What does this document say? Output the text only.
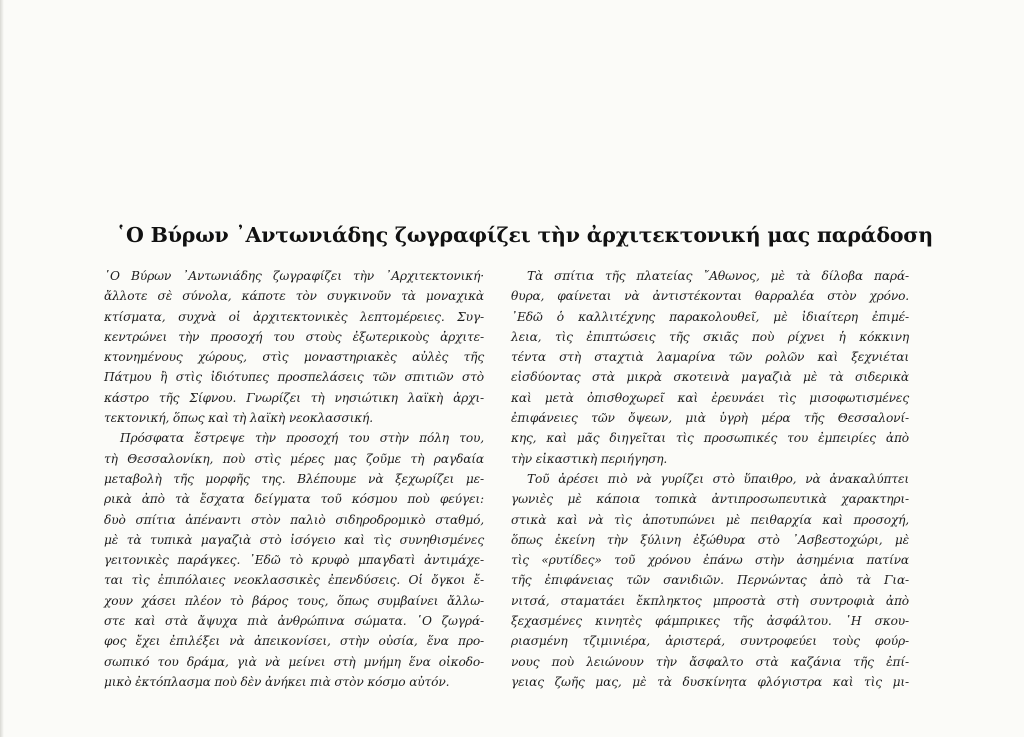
῾Ο Βύρων ᾿Αντωνιάδης ζωγραφίζει τὴν ἀρχιτεκτονική μας παράδοση
῾Ο Βύρων ᾿Αντωνιάδης ζωγραφίζει τὴν ᾿Αρχιτεκτονική·
ἄλλοτε σὲ σύνολα, κάποτε τὸν συγκινοῦν τὰ μοναχικὰ
κτίσματα, συχνὰ οἱ ἀρχιτεκτονικὲς λεπτομέρειες. Συγ-
κεντρώνει τὴν προσοχή του στοὺς ἐξωτερικοὺς ἀρχιτε-
κτονημένους χώρους, στὶς μοναστηριακὲς αὐλὲς τῆς
Πάτμου ἢ στὶς ἰδιότυπες προσπελάσεις τῶν σπιτιῶν στὸ
κάστρο τῆς Σίφνου. Γνωρίζει τὴ νησιώτικη λαϊκὴ ἀρχι-
τεκτονική, ὅπως καὶ τὴ λαϊκὴ νεοκλασσική.
Πρόσφατα ἔστρεψε τὴν προσοχή του στὴν πόλη του,
τὴ Θεσσαλονίκη, ποὺ στὶς μέρες μας ζοῦμε τὴ ραγδαία
μεταβολὴ τῆς μορφῆς της. Βλέπουμε νὰ ξεχωρίζει με-
ρικὰ ἀπὸ τὰ ἔσχατα δείγματα τοῦ κόσμου ποὺ φεύγει:
δυὸ σπίτια ἀπέναντι στὸν παλιὸ σιδηροδρομικὸ σταθμό,
μὲ τὰ τυπικὰ μαγαζιὰ στὸ ἰσόγειο καὶ τὶς συνηθισμένες
γειτονικὲς παράγκες. ᾿Εδῶ τὸ κρυφὸ μπαγδατὶ ἀντιμάχε-
ται τὶς ἐπιπόλαιες νεοκλασσικὲς ἐπενδύσεις. Οἱ ὄγκοι ἔ-
χουν χάσει πλέον τὸ βάρος τους, ὅπως συμβαίνει ἄλλω-
στε καὶ στὰ ἄψυχα πιὰ ἀνθρώπινα σώματα. ῾Ο ζωγρά-
φος ἔχει ἐπιλέξει νὰ ἀπεικονίσει, στὴν οὐσία, ἕνα προ-
σωπικό του δράμα, γιὰ νὰ μείνει στὴ μνήμη ἕνα οἰκοδο-
μικὸ ἐκτόπλασμα ποὺ δὲν ἀνήκει πιὰ στὸν κόσμο αὐτόν.
Τὰ σπίτια τῆς πλατείας ῎Αθωνος, μὲ τὰ δίλοβα παρά-
θυρα, φαίνεται νὰ ἀντιστέκονται θαρραλέα στὸν χρόνο.
᾿Εδῶ ὁ καλλιτέχνης παρακολουθεῖ, μὲ ἰδιαίτερη ἐπιμέ-
λεια, τὶς ἐπιπτώσεις τῆς σκιᾶς ποὺ ρίχνει ἡ κόκκινη
τέντα στὴ σταχτιὰ λαμαρίνα τῶν ρολῶν καὶ ξεχνιέται
εἰσδύοντας στὰ μικρὰ σκοτεινὰ μαγαζιὰ μὲ τὰ σιδερικὰ
καὶ μετὰ ὀπισθοχωρεῖ καὶ ἐρευνάει τὶς μισοφωτισμένες
ἐπιφάνειες τῶν ὄψεων, μιὰ ὑγρὴ μέρα τῆς Θεσσαλονί-
κης, καὶ μᾶς διηγεῖται τὶς προσωπικές του ἐμπειρίες ἀπὸ
τὴν εἰκαστικὴ περιήγηση.
Τοῦ ἀρέσει πιὸ νὰ γυρίζει στὸ ὕπαιθρο, νὰ ἀνακαλύπτει
γωνιὲς μὲ κάποια τοπικὰ ἀντιπροσωπευτικὰ χαρακτηρι-
στικὰ καὶ νὰ τὶς ἀποτυπώνει μὲ πειθαρχία καὶ προσοχή,
ὅπως ἐκείνη τὴν ξύλινη ἐξώθυρα στὸ ᾿Ασβεστοχώρι, μὲ
τὶς «ρυτίδες» τοῦ χρόνου ἐπάνω στὴν ἀσημένια πατίνα
τῆς ἐπιφάνειας τῶν σανιδιῶν. Περνώντας ἀπὸ τὰ Για-
νιτσά, σταματάει ἔκπληκτος μπροστὰ στὴ συντροφιὰ ἀπὸ
ξεχασμένες κινητὲς φάμπρικες τῆς ἀσφάλτου. ῾Η σκου-
ριασμένη τζιμινιέρα, ἀριστερά, συντροφεύει τοὺς φούρ-
νους ποὺ λειώνουν τὴν ἄσφαλτο στὰ καζάνια τῆς ἐπί-
γειας ζωῆς μας, μὲ τὰ δυσκίνητα φλόγιστρα καὶ τὶς μι-
